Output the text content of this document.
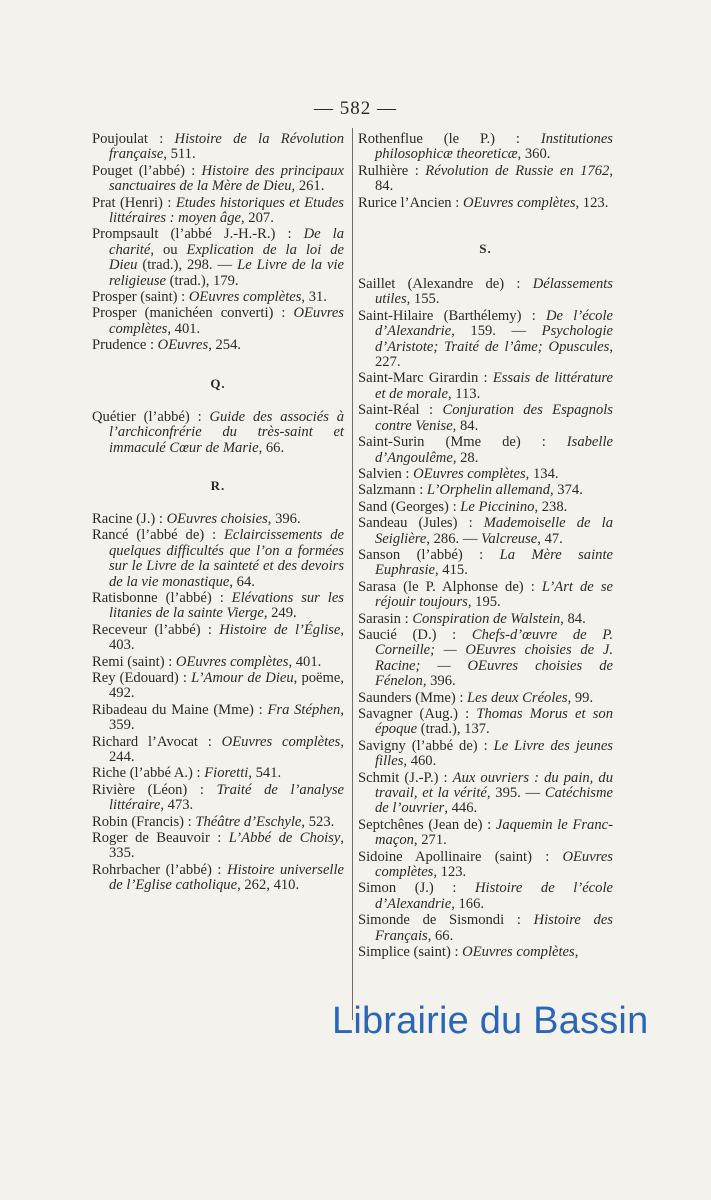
— 582 —
Poujoulat : Histoire de la Révolution française, 511.
Pouget (l’abbé) : Histoire des principaux sanctuaires de la Mère de Dieu, 261.
Prat (Henri) : Etudes historiques et Etudes littéraires : moyen âge, 207.
Prompsault (l’abbé J.-H.-R.) : De la charité, ou Explication de la loi de Dieu (trad.), 298. — Le Livre de la vie religieuse (trad.), 179.
Prosper (saint) : OEuvres complètes, 31.
Prosper (manichéen converti) : OEuvres complètes, 401.
Prudence : OEuvres, 254.
Q.
Quétier (l’abbé) : Guide des associés à l’archiconfrérie du très-saint et immaculé Cœur de Marie, 66.
R.
Racine (J.) : OEuvres choisies, 396.
Rancé (l’abbé de) : Eclaircissements de quelques difficultés que l’on a formées sur le Livre de la sainteté et des devoirs de la vie monastique, 64.
Ratisbonne (l’abbé) : Elévations sur les litanies de la sainte Vierge, 249.
Receveur (l’abbé) : Histoire de l’Église, 403.
Remi (saint) : OEuvres complètes, 401.
Rey (Edouard) : L’Amour de Dieu, poëme, 492.
Ribadeau du Maine (Mme) : Fra Stéphen, 359.
Richard l’Avocat : OEuvres complètes, 244.
Riche (l’abbé A.) : Fioretti, 541.
Rivière (Léon) : Traité de l’analyse littéraire, 473.
Robin (Francis) : Théâtre d’Eschyle, 523.
Roger de Beauvoir : L’Abbé de Choisy, 335.
Rohrbacher (l’abbé) : Histoire universelle de l’Eglise catholique, 262, 410.
Rothenflue (le P.) : Institutiones philosophicæ theoreticæ, 360.
Rulhière : Révolution de Russie en 1762, 84.
Rurice l’Ancien : OEuvres complètes, 123.
S.
Saillet (Alexandre de) : Délassements utiles, 155.
Saint-Hilaire (Barthélemy) : De l’école d’Alexandrie, 159. — Psychologie d’Aristote; Traité de l’âme; Opuscules, 227.
Saint-Marc Girardin : Essais de littérature et de morale, 113.
Saint-Réal : Conjuration des Espagnols contre Venise, 84.
Saint-Surin (Mme de) : Isabelle d’Angoulême, 28.
Salvien : OEuvres complètes, 134.
Salzmann : L’Orphelin allemand, 374.
Sand (Georges) : Le Piccinino, 238.
Sandeau (Jules) : Mademoiselle de la Seiglière, 286. — Valcreuse, 47.
Sanson (l’abbé) : La Mère sainte Euphrasie, 415.
Sarasa (le P. Alphonse de) : L’Art de se réjouir toujours, 195.
Sarasin : Conspiration de Walstein, 84.
Saucié (D.) : Chefs-d’œuvre de P. Corneille; — OEuvres choisies de J. Racine; — OEuvres choisies de Fénelon, 396.
Saunders (Mme) : Les deux Créoles, 99.
Savagner (Aug.) : Thomas Morus et son époque (trad.), 137.
Savigny (l’abbé de) : Le Livre des jeunes filles, 460.
Schmit (J.-P.) : Aux ouvriers : du pain, du travail, et la vérité, 395. — Catéchisme de l’ouvrier, 446.
Septchênes (Jean de) : Jaquemin le Franc-maçon, 271.
Sidoine Apollinaire (saint) : OEuvres complètes, 123.
Simon (J.) : Histoire de l’école d’Alexandrie, 166.
Simonde de Sismondi : Histoire des Français, 66.
Simplice (saint) : OEuvres complètes,
Librairie du Bassin
